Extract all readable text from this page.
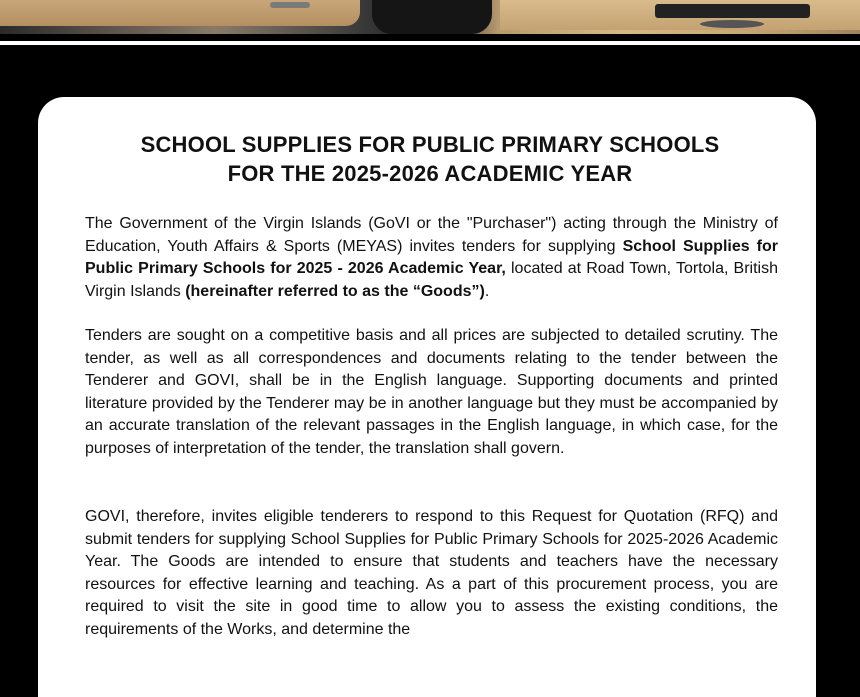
SCHOOL SUPPLIES FOR PUBLIC PRIMARY SCHOOLS
FOR THE 2025-2026 ACADEMIC YEAR

The Government of the Virgin Islands (GoVI or the "Purchaser") acting through the Ministry of Education, Youth Affairs & Sports (MEYAS) invites tenders for supplying School Supplies for Public Primary Schools for 2025 - 2026 Academic Year, located at Road Town, Tortola, British Virgin Islands (hereinafter referred to as the “Goods”).

Tenders are sought on a competitive basis and all prices are subjected to detailed scrutiny. The tender, as well as all correspondences and documents relating to the tender between the Tenderer and GOVI, shall be in the English language. Supporting documents and printed literature provided by the Tenderer may be in another language but they must be accompanied by an accurate translation of the relevant passages in the English language, in which case, for the purposes of interpretation of the tender, the translation shall govern.

GOVI, therefore, invites eligible tenderers to respond to this Request for Quotation (RFQ) and submit tenders for supplying School Supplies for Public Primary Schools for 2025-2026 Academic Year. The Goods are intended to ensure that students and teachers have the necessary resources for effective learning and teaching. As a part of this procurement process, you are required to visit the site in good time to allow you to assess the existing conditions, the requirements of the Works, and determine the
